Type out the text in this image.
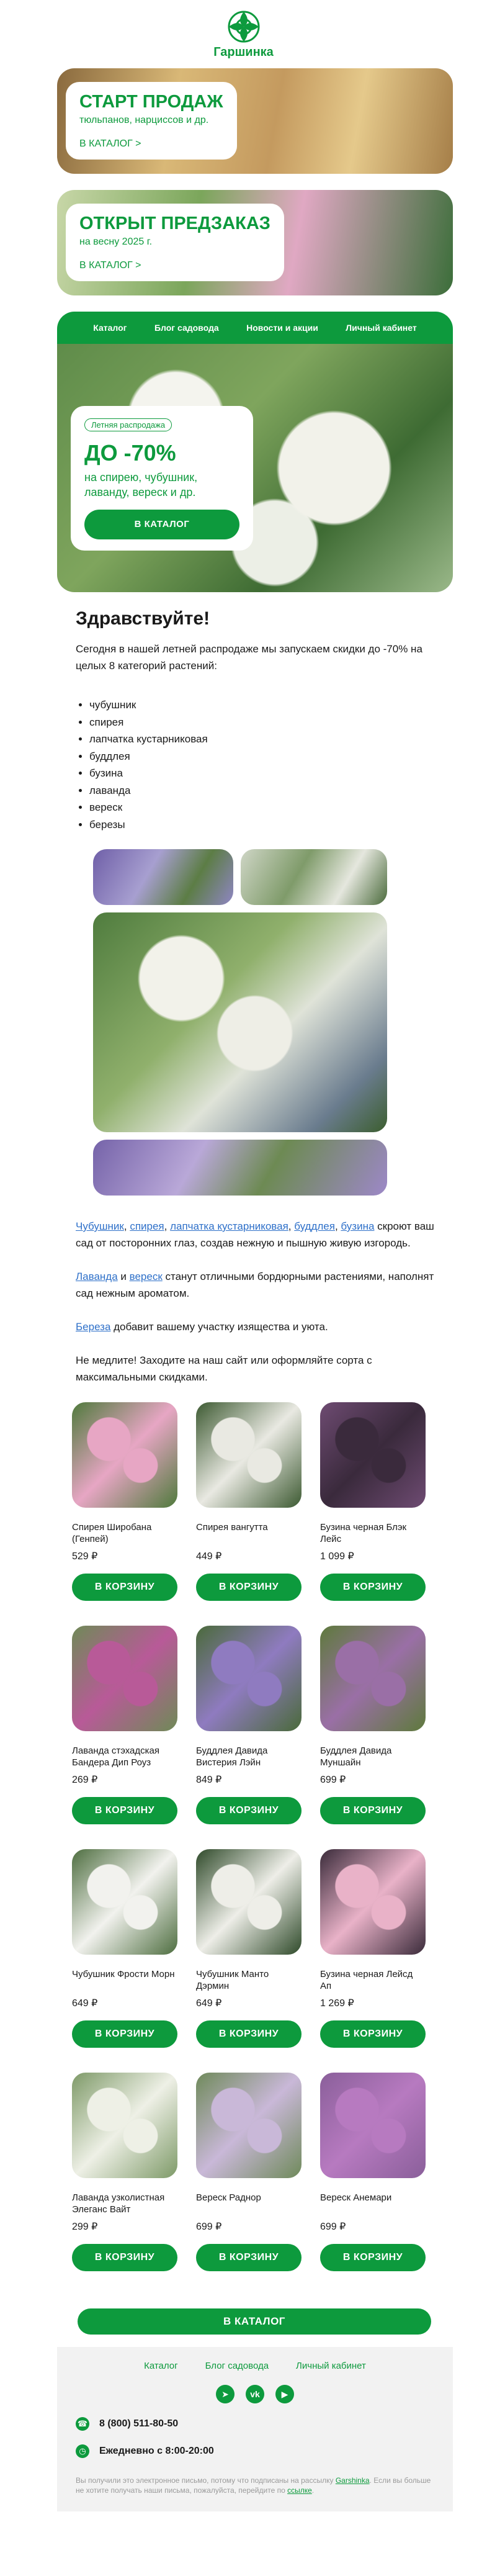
Гаршинка
СТАРТ ПРОДАЖ
тюльпанов, нарциссов и др.
В КАТАЛОГ >
ОТКРЫТ ПРЕДЗАКАЗ
на весну 2025 г.
В КАТАЛОГ >
Каталог	Блог садовода	Новости и акции	Личный кабинет
Летняя распродажа
ДО -70%

на спирею, чубушник, лаванду, вереск и др.

В КАТАЛОГ
Здравствуйте!

Сегодня в нашей летней распродаже мы запускаем скидки до -70% на целых 8 категорий растений:

• чубушник
• спирея
• лапчатка кустарниковая
• буддлея
• бузина
• лаванда
• вереск
• березы

Чубушник, спирея, лапчатка кустарниковая, буддлея, бузина скроют ваш сад от посторонних глаз, создав нежную и пышную живую изгородь.

Лаванда и вереск станут отличными бордюрными растениями, наполнят сад нежным ароматом.

Береза добавит вашему участку изящества и уюта.

Не медлите! Заходите на наш сайт или оформляйте сорта с максимальными скидками.

Спирея Широбана (Генпей)
529 ₽
В КОРЗИНУ
Спирея вангутта
449 ₽
В КОРЗИНУ
Бузина черная Блэк Лейс
1 099 ₽
В КОРЗИНУ
Лаванда стэхадская Бандера Дип Роуз
269 ₽
В КОРЗИНУ
Буддлея Давида Вистерия Лэйн
849 ₽
В КОРЗИНУ
Буддлея Давида Муншайн
699 ₽
В КОРЗИНУ
Чубушник Фрости Морн
649 ₽
В КОРЗИНУ
Чубушник Манто Дэрмин
649 ₽
В КОРЗИНУ
Бузина черная Лейсд Ап
1 269 ₽
В КОРЗИНУ
Лаванда узколистная Элеганс Вайт
299 ₽
В КОРЗИНУ
Вереск Раднор
699 ₽
В КОРЗИНУ
Вереск Анемари
699 ₽
В КОРЗИНУ
В КАТАЛОГ
Каталог	Блог садовода	Личный кабинет
➤	vk	▶
☎ 8 (800) 511-80-50
◷	Ежедневно с 8:00-20:00
Вы получили это электронное письмо, потому что подписаны на рассылку Garshinka. Если вы больше не хотите получать наши письма, пожалуйста, перейдите по ссылке.
